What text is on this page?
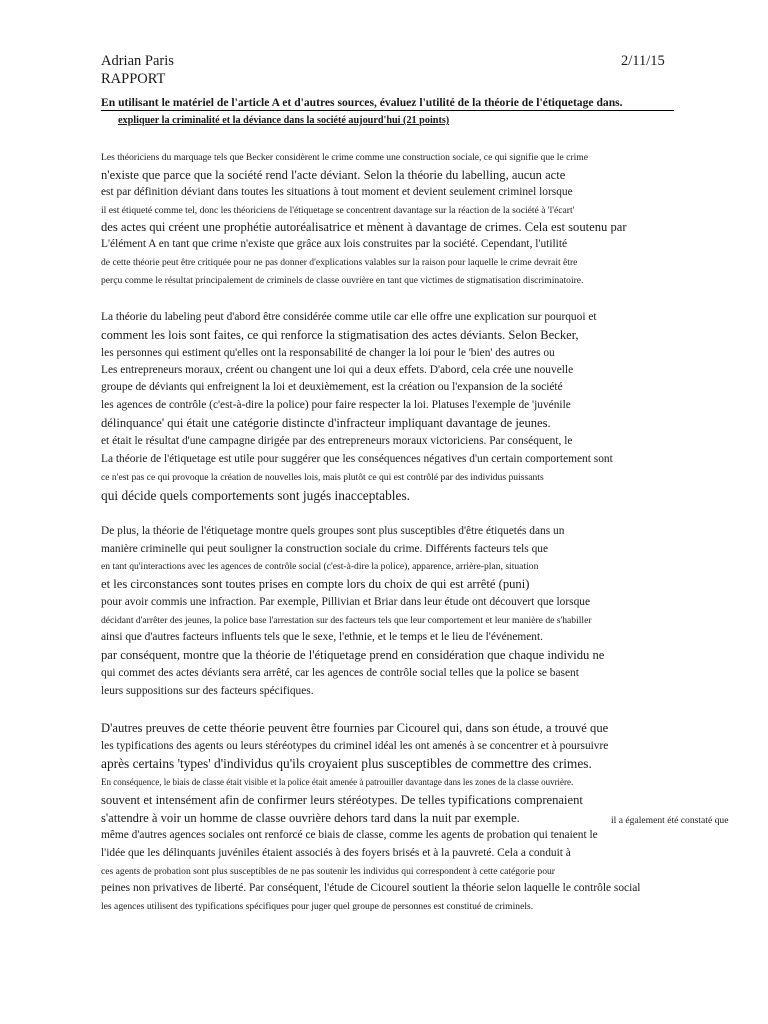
Adrian Paris	2/11/15
RAPPORT
En utilisant le matériel de l'article A et d'autres sources, évaluez l'utilité de la théorie de l'étiquetage dans.
expliquer la criminalité et la déviance dans la société aujourd'hui (21 points)
Les théoriciens du marquage tels que Becker considèrent le crime comme une construction sociale, ce qui signifie que le crime
n'existe que parce que la société rend l'acte déviant. Selon la théorie du labelling, aucun acte
est par définition déviant dans toutes les situations à tout moment et devient seulement criminel lorsque
il est étiqueté comme tel, donc les théoriciens de l'étiquetage se concentrent davantage sur la réaction de la société à 'l'écart'
des actes qui créent une prophétie autoréalisatrice et mènent à davantage de crimes. Cela est soutenu par
L'élément A en tant que crime n'existe que grâce aux lois construites par la société. Cependant, l'utilité
de cette théorie peut être critiquée pour ne pas donner d'explications valables sur la raison pour laquelle le crime devrait être
perçu comme le résultat principalement de criminels de classe ouvrière en tant que victimes de stigmatisation discriminatoire.
La théorie du labeling peut d'abord être considérée comme utile car elle offre une explication sur pourquoi et
comment les lois sont faites, ce qui renforce la stigmatisation des actes déviants. Selon Becker,
les personnes qui estiment qu'elles ont la responsabilité de changer la loi pour le 'bien' des autres ou
Les entrepreneurs moraux, créent ou changent une loi qui a deux effets. D'abord, cela crée une nouvelle
groupe de déviants qui enfreignent la loi et deuxièmement, est la création ou l'expansion de la société
les agences de contrôle (c'est-à-dire la police) pour faire respecter la loi. Platuses l'exemple de 'juvénile
délinquance' qui était une catégorie distincte d'infracteur impliquant davantage de jeunes.
et était le résultat d'une campagne dirigée par des entrepreneurs moraux victoriciens. Par conséquent, le
La théorie de l'étiquetage est utile pour suggérer que les conséquences négatives d'un certain comportement sont
ce n'est pas ce qui provoque la création de nouvelles lois, mais plutôt ce qui est contrôlé par des individus puissants
qui décide quels comportements sont jugés inacceptables.
De plus, la théorie de l'étiquetage montre quels groupes sont plus susceptibles d'être étiquetés dans un
manière criminelle qui peut souligner la construction sociale du crime. Différents facteurs tels que
en tant qu'interactions avec les agences de contrôle social (c'est-à-dire la police), apparence, arrière-plan, situation
et les circonstances sont toutes prises en compte lors du choix de qui est arrêté (puni)
pour avoir commis une infraction. Par exemple, Pillivian et Briar dans leur étude ont découvert que lorsque
décidant d'arrêter des jeunes, la police base l'arrestation sur des facteurs tels que leur comportement et leur manière de s'habiller
ainsi que d'autres facteurs influents tels que le sexe, l'ethnie, et le temps et le lieu de l'événement.
par conséquent, montre que la théorie de l'étiquetage prend en considération que chaque individu ne
qui commet des actes déviants sera arrêté, car les agences de contrôle social telles que la police se basent
leurs suppositions sur des facteurs spécifiques.
D'autres preuves de cette théorie peuvent être fournies par Cicourel qui, dans son étude, a trouvé que
les typifications des agents ou leurs stéréotypes du criminel idéal les ont amenés à se concentrer et à poursuivre
après certains 'types' d'individus qu'ils croyaient plus susceptibles de commettre des crimes.
En conséquence, le biais de classe était visible et la police était amenée à patrouiller davantage dans les zones de la classe ouvrière.
souvent et intensément afin de confirmer leurs stéréotypes. De telles typifications comprenaient
s'attendre à voir un homme de classe ouvrière dehors tard dans la nuit par exemple.	il a également été constaté que
même d'autres agences sociales ont renforcé ce biais de classe, comme les agents de probation qui tenaient le
l'idée que les délinquants juvéniles étaient associés à des foyers brisés et à la pauvreté. Cela a conduit à
ces agents de probation sont plus susceptibles de ne pas soutenir les individus qui correspondent à cette catégorie pour
peines non privatives de liberté. Par conséquent, l'étude de Cicourel soutient la théorie selon laquelle le contrôle social
les agences utilisent des typifications spécifiques pour juger quel groupe de personnes est constitué de criminels.
